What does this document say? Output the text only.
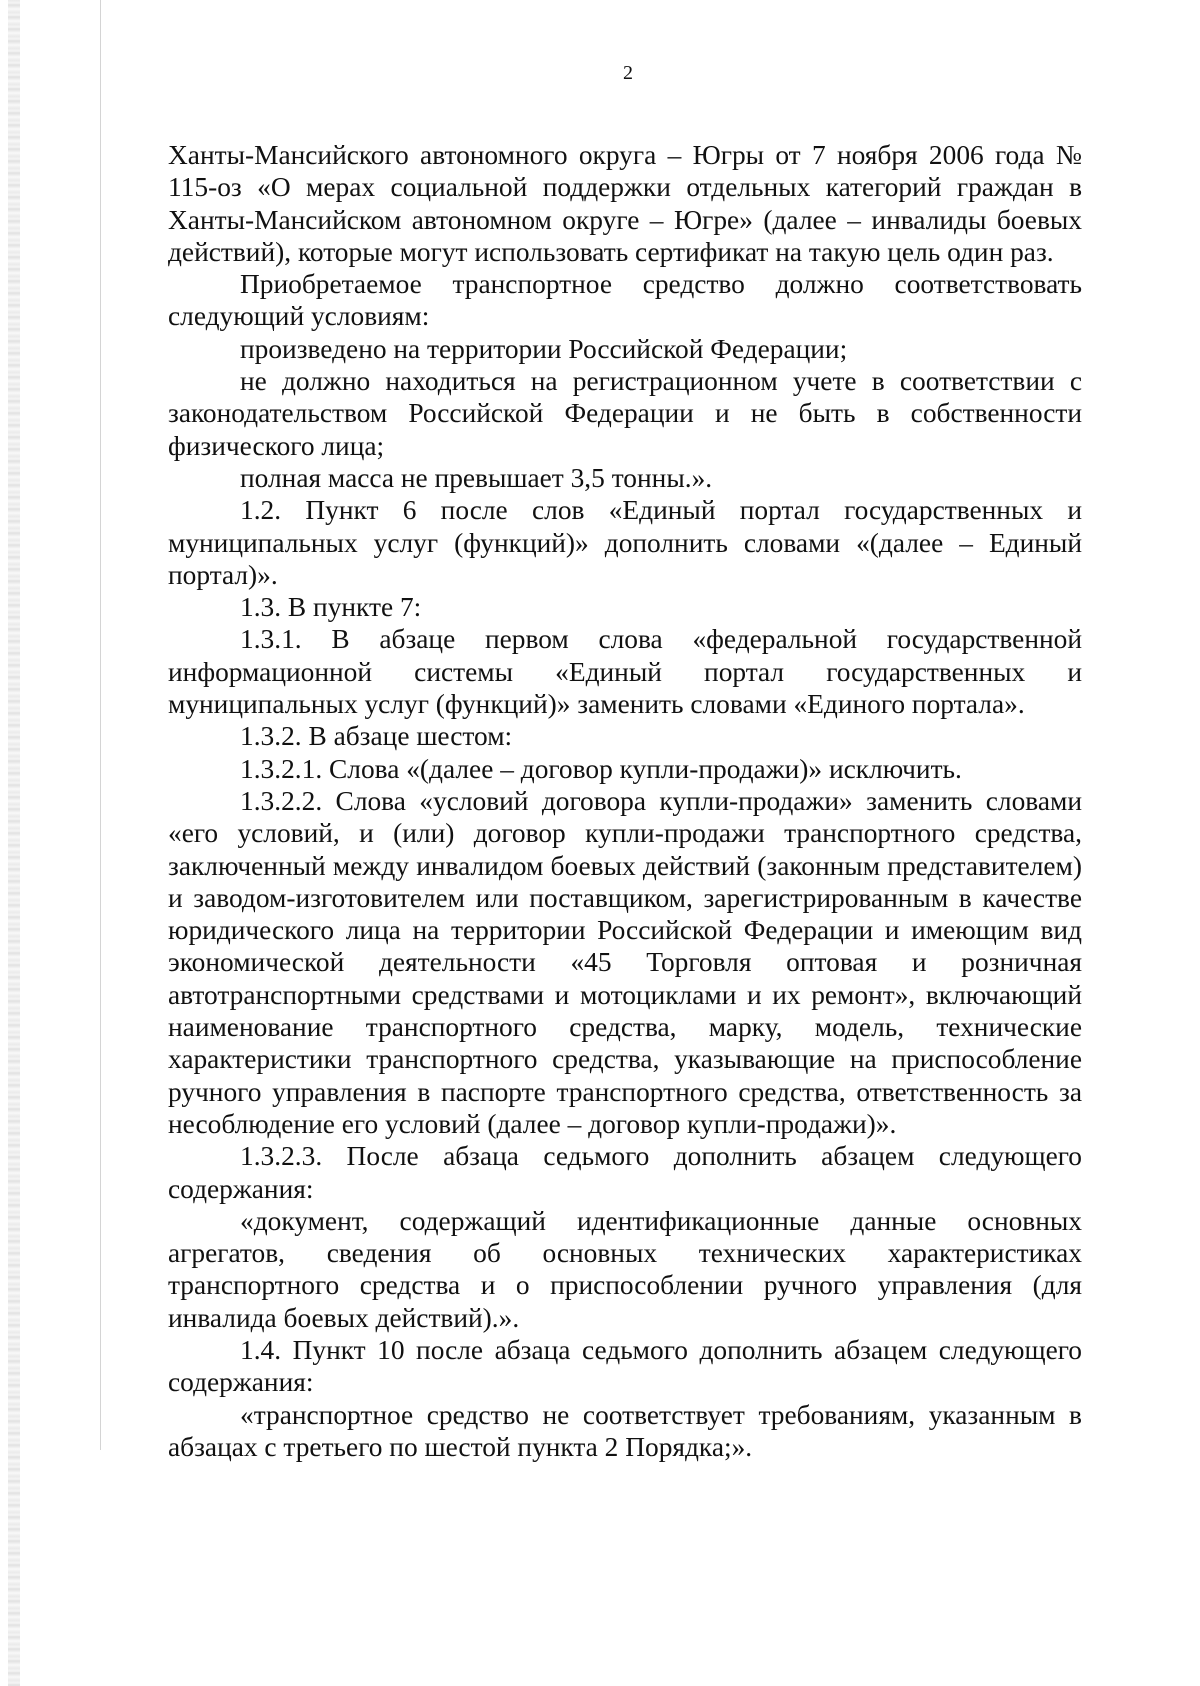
2

Ханты-Мансийского автономного округа – Югры от 7 ноября 2006 года № 115-оз «О мерах социальной поддержки отдельных категорий граждан в Ханты-Мансийском автономном округе – Югре» (далее – инвалиды боевых действий), которые могут использовать сертификат на такую цель один раз.

Приобретаемое транспортное средство должно соответствовать следующий условиям:

произведено на территории Российской Федерации;

не должно находиться на регистрационном учете в соответствии с законодательством Российской Федерации и не быть в собственности физического лица;

полная масса не превышает 3,5 тонны.».

1.2. Пункт 6 после слов «Единый портал государственных и муниципальных услуг (функций)» дополнить словами «(далее – Единый портал)».

1.3. В пункте 7:

1.3.1. В абзаце первом слова «федеральной государственной информационной системы «Единый портал государственных и муниципальных услуг (функций)» заменить словами «Единого портала».

1.3.2. В абзаце шестом:

1.3.2.1. Слова «(далее – договор купли-продажи)» исключить.

1.3.2.2. Слова «условий договора купли-продажи» заменить словами «его условий, и (или) договор купли-продажи транспортного средства, заключенный между инвалидом боевых действий (законным представителем) и заводом-изготовителем или поставщиком, зарегистрированным в качестве юридического лица на территории Российской Федерации и имеющим вид экономической деятельности «45 Торговля оптовая и розничная автотранспортными средствами и мотоциклами и их ремонт», включающий наименование транспортного средства, марку, модель, технические характеристики транспортного средства, указывающие на приспособление ручного управления в паспорте транспортного средства, ответственность за несоблюдение его условий (далее – договор купли-продажи)».

1.3.2.3. После абзаца седьмого дополнить абзацем следующего содержания:

«документ, содержащий идентификационные данные основных агрегатов, сведения об основных технических характеристиках транспортного средства и о приспособлении ручного управления (для инвалида боевых действий).».

1.4. Пункт 10 после абзаца седьмого дополнить абзацем следующего содержания:

«транспортное средство не соответствует требованиям, указанным в абзацах с третьего по шестой пункта 2 Порядка;».
